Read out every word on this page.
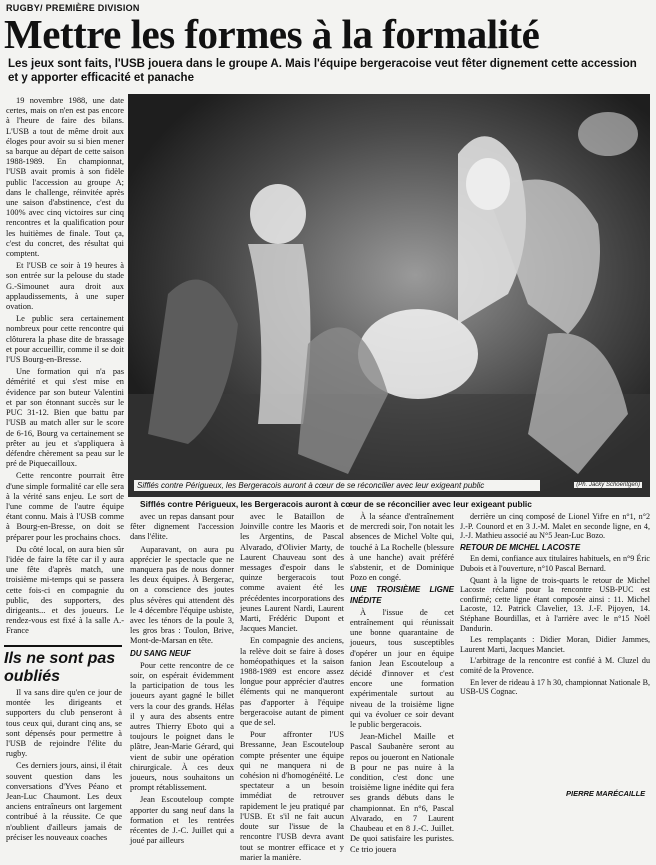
RUGBY/ PREMIÈRE DIVISION
Mettre les formes à la formalité
Les jeux sont faits, l'USB jouera dans le groupe A. Mais l'équipe bergeracoise veut fêter dignement cette accession et y apporter efficacité et panache

19 novembre 1988, une date certes, mais on n'en est pas encore à l'heure de faire des bilans. L'USB a tout de même droit aux éloges pour avoir su si bien mener sa barque au départ de cette saison 1988-1989. En championnat, l'USB avait promis à son fidèle public l'accession au groupe A; dans le challenge, réinvitée après une saison d'abstinence, c'est du 100% avec cinq victoires sur cinq rencontres et la qualification pour les huitièmes de finale. Tout ça, c'est du concret, des résultat qui comptent.

Et l'USB ce soir à 19 heures à son entrée sur la pelouse du stade G.-Simounet aura droit aux applaudissements, à une super ovation.

Le public sera certainement nombreux pour cette rencontre qui clôturera la phase dite de brassage et pour accueillir, comme il se doit l'US Bourg-en-Bresse.

Une formation qui n'a pas démérité et qui s'est mise en évidence par son buteur Valentini et par son étonnant succès sur le PUC 31-12. Bien que battu par l'USB au match aller sur le score de 6-16, Bourg va certainement se prêter au jeu et s'appliquera à défendre chèrement sa peau sur le pré de Piquecailloux.

Cette rencontre pourrait être d'une simple formalité car elle sera à la vérité sans enjeu. Le sort de l'une comme de l'autre équipe étant connu. Mais à l'USB comme à Bourg-en-Bresse, on doit se préparer pour les prochains chocs.

Du côté local, on aura bien sûr l'idée de faire la fête car il y aura une fête d'après match, une troisième mi-temps qui se passera cette fois-ci en compagnie du public, des supporters, des dirigeants... et des joueurs. Le rendez-vous est fixé à la salle A.-France

Sifflés contre Périgueux, les Bergeracois auront à cœur de se réconcilier avec leur exigeant public	(Ph. Jacky Schoentgen)
Sifflés contre Périgueux, les Bergeracois auront à cœur de se réconcilier avec leur exigeant public
Ils ne sont pas oubliés

Il va sans dire qu'en ce jour de montée les dirigeants et supporters du club penseront à tous ceux qui, durant cinq ans, se sont dépensés pour permettre à l'USB de rejoindre l'élite du rugby.

Ces derniers jours, ainsi, il était souvent question dans les conversations d'Yves Péano et Jean-Luc Chaumont. Les deux anciens entraîneurs ont largement contribué à la réussite. Ce que n'oublient d'ailleurs jamais de préciser les nouveaux coaches

avec un repas dansant pour fêter dignement l'accession dans l'élite.

Auparavant, on aura pu apprécier le spectacle que ne manquera pas de nous donner les deux équipes. À Bergerac, on a conscience des joutes plus sévères qui attendent dès le 4 décembre l'équipe usbiste, avec les ténors de la poule 3, les gros bras : Toulon, Brive, Mont-de-Marsan en tête.

DU SANG NEUF

Pour cette rencontre de ce soir, on espérait évidemment la participation de tous les joueurs ayant gagné le billet vers la cour des grands. Hélas il y aura des absents entre autres Thierry Eboto qui a toujours le poignet dans le plâtre, Jean-Marie Gérard, qui vient de subir une opération chirurgicale. À ces deux joueurs, nous souhaitons un prompt rétablissement.

Jean Escouteloup compte apporter du sang neuf dans la formation et les rentrées récentes de J.-C. Juillet qui a joué par ailleurs

avec le Bataillon de Joinville contre les Maoris et les Argentins, de Pascal Alvarado, d'Olivier Marty, de Laurent Chauveau sont des messages d'espoir dans le quinze bergeracois tout comme avaient été les précédentes incorporations des jeunes Laurent Nardi, Laurent Marti, Frédéric Dupont et Jacques Manciet.

En compagnie des anciens, la relève doit se faire à doses homéopathiques et la saison 1988-1989 est encore assez longue pour apprécier d'autres éléments qui ne manqueront pas d'apporter à l'équipe bergeracoise autant de piment que de sel.

Pour affronter l'US Bressanne, Jean Escouteloup compte présenter une équipe qui ne manquera ni de cohésion ni d'homogénéité. Le spectateur a un besoin immédiat de retrouver rapidement le jeu pratiqué par l'USB. Et s'il ne fait aucun doute sur l'issue de la rencontre l'USB devra avant tout se montrer efficace et y marier la manière.

À la séance d'entraînement de mercredi soir, l'on notait les absences de Michel Volte qui, touché à La Rochelle (blessure à une hanche) avait préféré s'abstenir, et de Dominique Pozo en congé.

UNE TROISIÈME LIGNE INÉDITE

À l'issue de cet entraînement qui réunissait une bonne quarantaine de joueurs, tous susceptibles d'opérer un jour en équipe fanion Jean Escouteloup a décidé d'innover et c'est encore une formation expérimentale surtout au niveau de la troisième ligne qui va évoluer ce soir devant le public bergeracois.

Jean-Michel Maille et Pascal Saubanère seront au repos ou joueront en Nationale B pour ne pas nuire à la condition, c'est donc une troisième ligne inédite qui fera ses grands débuts dans le championnat. En n°6, Pascal Alvarado, en 7 Laurent Chaubeau et en 8 J.-C. Juillet. De quoi satisfaire les puristes. Ce trio jouera

derrière un cinq composé de Lionel Yifre en n°1, n°2 J.-P. Counord et en 3 J.-M. Malet en seconde ligne, en 4, J.-J. Mathieu associé au N°5 Jean-Luc Bozo.

RETOUR DE MICHEL LACOSTE

En demi, confiance aux titulaires habituels, en n°9 Éric Dubois et à l'ouverture, n°10 Pascal Bernard.

Quant à la ligne de trois-quarts le retour de Michel Lacoste réclamé pour la rencontre USB-PUC est confirmé; cette ligne étant composée ainsi : 11. Michel Lacoste, 12. Patrick Clavelier, 13. J.-F. Pijoyen, 14. Stéphane Bourdillas, et à l'arrière avec le n°15 Noël Dandurin.

Les remplaçants : Didier Moran, Didier Jammes, Laurent Marti, Jacques Manciet.

L'arbitrage de la rencontre est confié à M. Cluzel du comité de la Provence.

En lever de rideau à 17 h 30, championnat Nationale B, USB-US Cognac.

PIERRE MARÉCAILLE
